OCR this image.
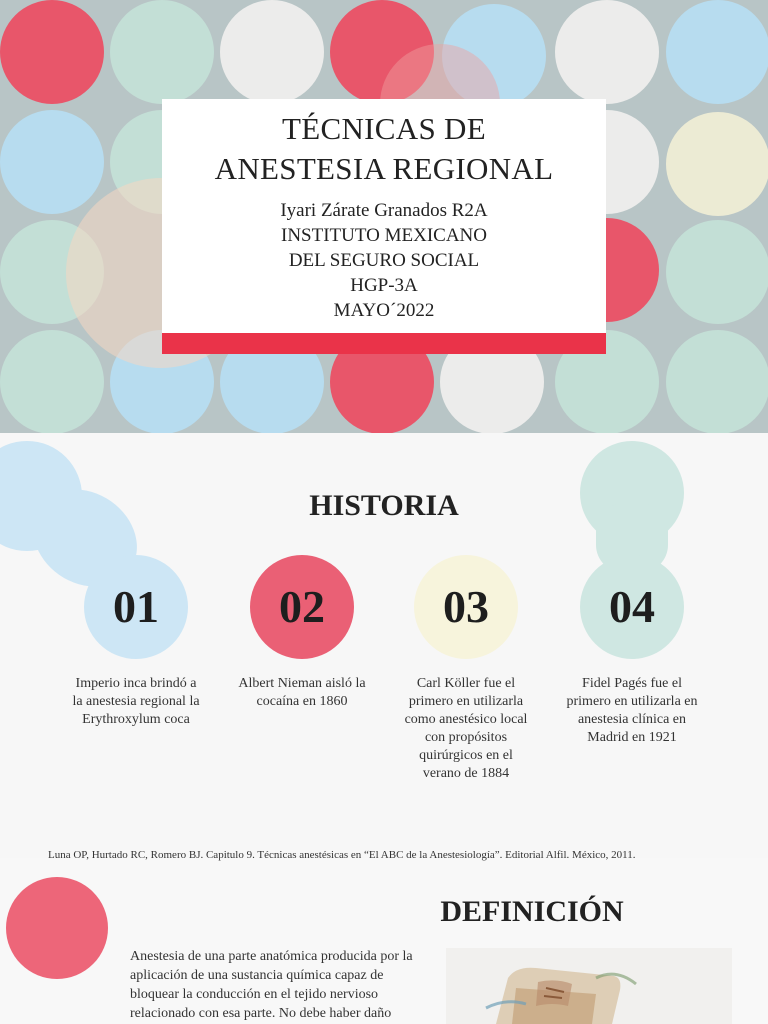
TÉCNICAS DE
ANESTESIA REGIONAL
Iyari Zárate Granados R2A
INSTITUTO MEXICANO
DEL SEGURO SOCIAL
HGP-3A
MAYO´2022
HISTORIA
01	02	03	04
Imperio inca brindó a la anestesia regional la Erythroxylum coca
Albert Nieman aisló la cocaína en 1860
Carl Köller fue el primero en utilizarla como anestésico local con propósitos quirúrgicos en el verano de 1884
Fidel Pagés fue el primero en utilizarla en anestesia clínica en Madrid en 1921
Luna OP, Hurtado RC, Romero BJ. Capitulo 9. Técnicas anestésicas en “El ABC de la Anestesiología”. Editorial Alfil. México, 2011.
DEFINICIÓN
Anestesia de una parte anatómica producida por la aplicación de una sustancia química capaz de bloquear la conducción en el tejido nervioso relacionado con esa parte. No debe haber daño
